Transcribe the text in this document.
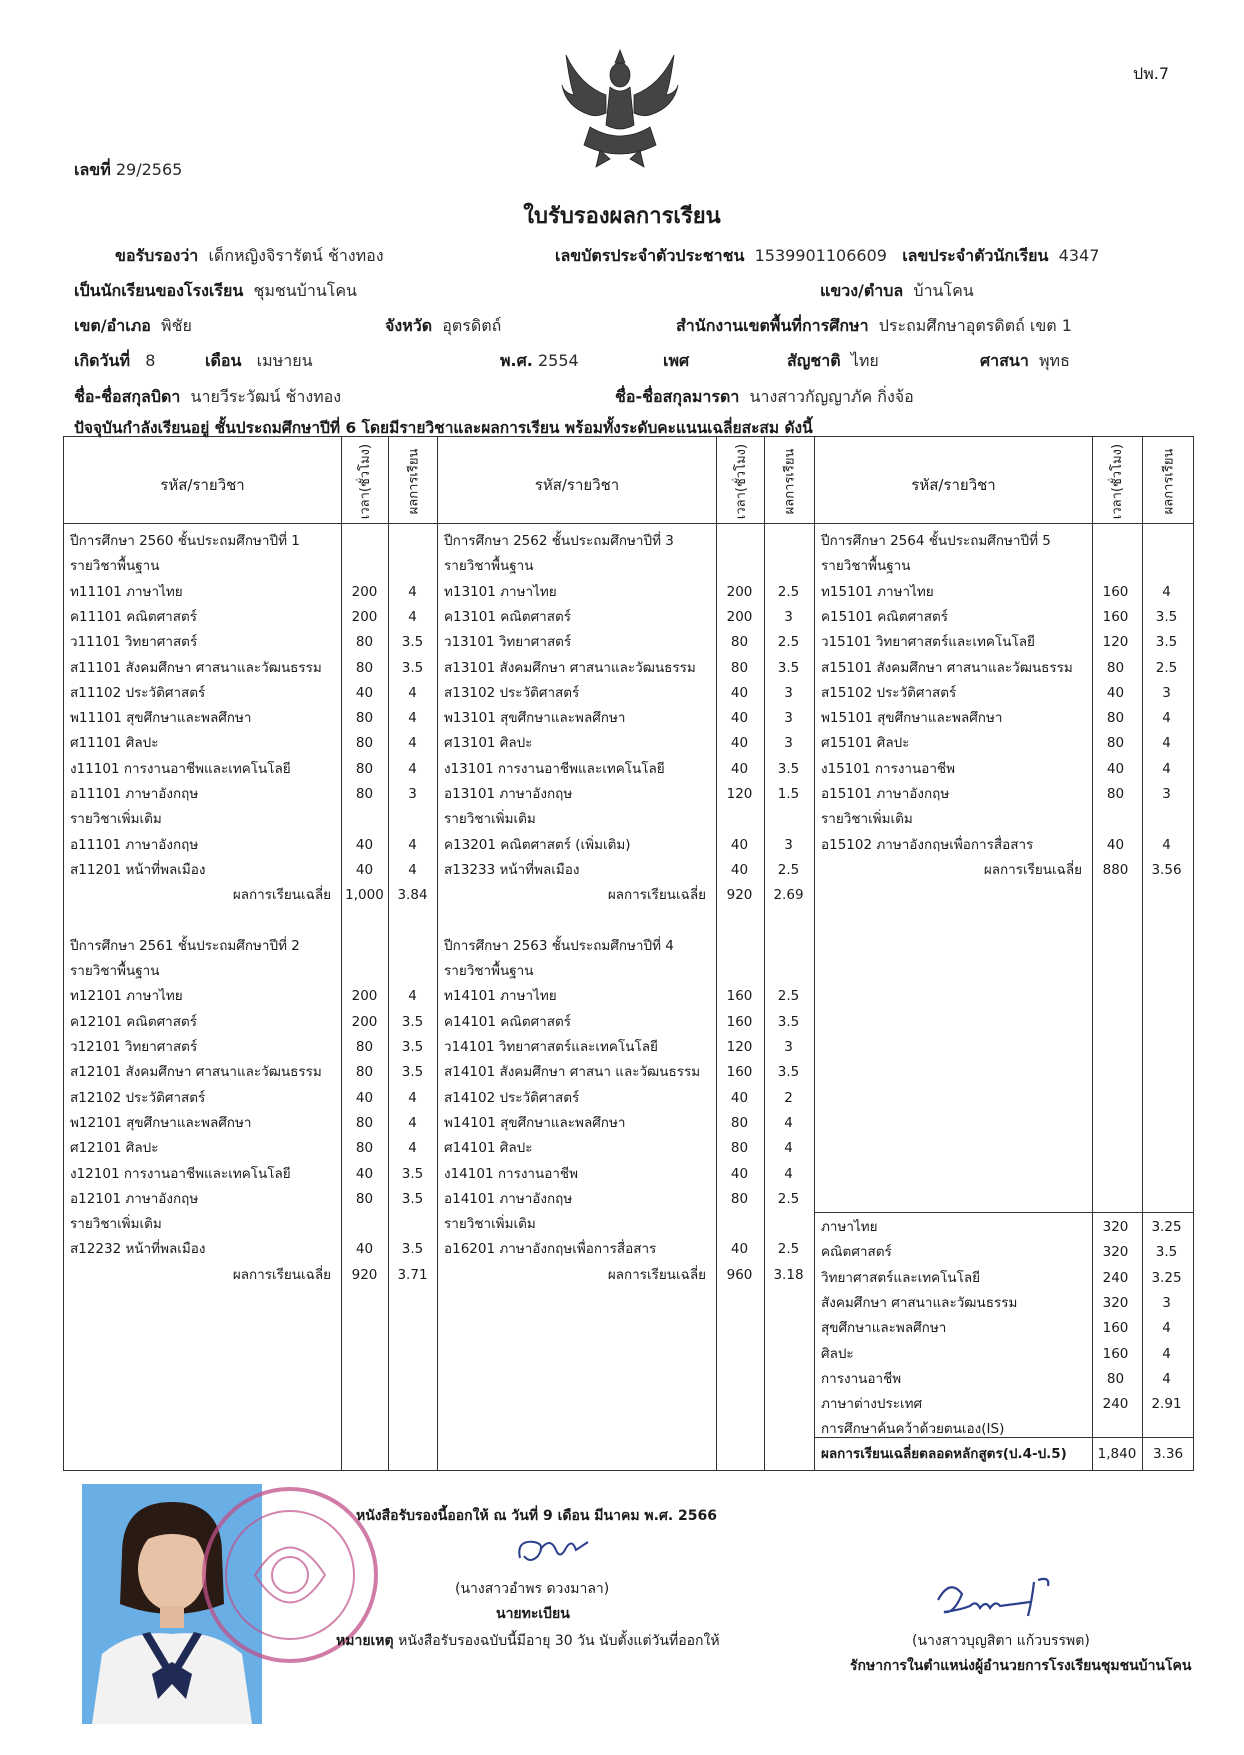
ปพ.7
เลขที่ 29/2565
ใบรับรองผลการเรียน
ขอรับรองว่า เด็กหญิงจิรารัตน์ ช้างทอง	เลขบัตรประจำตัวประชาชน 1539901106609 เลขประจำตัวนักเรียน 4347
เป็นนักเรียนของโรงเรียน ชุมชนบ้านโคน	แขวง/ตำบล บ้านโคน
เขต/อำเภอ พิชัย	จังหวัด อุตรดิตถ์	สำนักงานเขตพื้นที่การศึกษา ประถมศึกษาอุตรดิตถ์ เขต 1
เกิดวันที่ 8	เดือน เมษายน	พ.ศ. 2554	เพศ	สัญชาติ ไทย	ศาสนา พุทธ
ชื่อ-ชื่อสกุลบิดา นายวีระวัฒน์ ช้างทอง	ชื่อ-ชื่อสกุลมารดา นางสาวกัญญาภัค กิ่งจ้อ
ปัจจุบันกำลังเรียนอยู่ ชั้นประถมศึกษาปีที่ 6 โดยมีรายวิชาและผลการเรียน พร้อมทั้งระดับคะแนนเฉลี่ยสะสม ดังนี้
รหัส/รายวิชา	เวลา(ชั่วโมง)	ผลการเรียน	รหัส/รายวิชา	เวลา(ชั่วโมง)	ผลการเรียน	รหัส/รายวิชา	เวลา(ชั่วโมง)	ผลการเรียน
ปีการศึกษา 2560 ชั้นประถมศึกษาปีที่ 1
รายวิชาพื้นฐาน
ท11101 ภาษาไทย	200	4
ค11101 คณิตศาสตร์	200	4
ว11101 วิทยาศาสตร์	80	3.5
ส11101 สังคมศึกษา ศาสนาและวัฒนธรรม	80	3.5
ส11102 ประวัติศาสตร์	40	4
พ11101 สุขศึกษาและพลศึกษา	80	4
ศ11101 ศิลปะ	80	4
ง11101 การงานอาชีพและเทคโนโลยี	80	4
อ11101 ภาษาอังกฤษ	80	3
รายวิชาเพิ่มเติม
อ11101 ภาษาอังกฤษ	40	4
ส11201 หน้าที่พลเมือง	40	4
ผลการเรียนเฉลี่ย	1,000	3.84
ปีการศึกษา 2561 ชั้นประถมศึกษาปีที่ 2
รายวิชาพื้นฐาน
ท12101 ภาษาไทย	200	4
ค12101 คณิตศาสตร์	200	3.5
ว12101 วิทยาศาสตร์	80	3.5
ส12101 สังคมศึกษา ศาสนาและวัฒนธรรม	80	3.5
ส12102 ประวัติศาสตร์	40	4
พ12101 สุขศึกษาและพลศึกษา	80	4
ศ12101 ศิลปะ	80	4
ง12101 การงานอาชีพและเทคโนโลยี	40	3.5
อ12101 ภาษาอังกฤษ	80	3.5
รายวิชาเพิ่มเติม
ส12232 หน้าที่พลเมือง	40	3.5
ผลการเรียนเฉลี่ย	920	3.71
ปีการศึกษา 2562 ชั้นประถมศึกษาปีที่ 3
รายวิชาพื้นฐาน
ท13101 ภาษาไทย	200	2.5
ค13101 คณิตศาสตร์	200	3
ว13101 วิทยาศาสตร์	80	2.5
ส13101 สังคมศึกษา ศาสนาและวัฒนธรรม	80	3.5
ส13102 ประวัติศาสตร์	40	3
พ13101 สุขศึกษาและพลศึกษา	40	3
ศ13101 ศิลปะ	40	3
ง13101 การงานอาชีพและเทคโนโลยี	40	3.5
อ13101 ภาษาอังกฤษ	120	1.5
รายวิชาเพิ่มเติม
ค13201 คณิตศาสตร์ (เพิ่มเติม)	40	3
ส13233 หน้าที่พลเมือง	40	2.5
ผลการเรียนเฉลี่ย	920	2.69
ปีการศึกษา 2563 ชั้นประถมศึกษาปีที่ 4
รายวิชาพื้นฐาน
ท14101 ภาษาไทย	160	2.5
ค14101 คณิตศาสตร์	160	3.5
ว14101 วิทยาศาสตร์และเทคโนโลยี	120	3
ส14101 สังคมศึกษา ศาสนา และวัฒนธรรม	160	3.5
ส14102 ประวัติศาสตร์	40	2
พ14101 สุขศึกษาและพลศึกษา	80	4
ศ14101 ศิลปะ	80	4
ง14101 การงานอาชีพ	40	4
อ14101 ภาษาอังกฤษ	80	2.5
รายวิชาเพิ่มเติม
อ16201 ภาษาอังกฤษเพื่อการสื่อสาร	40	2.5
ผลการเรียนเฉลี่ย	960	3.18
ปีการศึกษา 2564 ชั้นประถมศึกษาปีที่ 5
รายวิชาพื้นฐาน
ท15101 ภาษาไทย	160	4
ค15101 คณิตศาสตร์	160	3.5
ว15101 วิทยาศาสตร์และเทคโนโลยี	120	3.5
ส15101 สังคมศึกษา ศาสนาและวัฒนธรรม	80	2.5
ส15102 ประวัติศาสตร์	40	3
พ15101 สุขศึกษาและพลศึกษา	80	4
ศ15101 ศิลปะ	80	4
ง15101 การงานอาชีพ	40	4
อ15101 ภาษาอังกฤษ	80	3
รายวิชาเพิ่มเติม
อ15102 ภาษาอังกฤษเพื่อการสื่อสาร	40	4
ผลการเรียนเฉลี่ย	880	3.56
ภาษาไทย	320	3.25
คณิตศาสตร์	320	3.5
วิทยาศาสตร์และเทคโนโลยี	240	3.25
สังคมศึกษา ศาสนาและวัฒนธรรม	320	3
สุขศึกษาและพลศึกษา	160	4
ศิลปะ	160	4
การงานอาชีพ	80	4
ภาษาต่างประเทศ	240	2.91
การศึกษาค้นคว้าด้วยตนเอง(IS)
ผลการเรียนเฉลี่ยตลอดหลักสูตร(ป.4-ป.5)	1,840	3.36
หนังสือรับรองนี้ออกให้ ณ วันที่ 9 เดือน มีนาคม พ.ศ. 2566
(นางสาวอำพร ดวงมาลา)
นายทะเบียน
หมายเหตุ หนังสือรับรองฉบับนี้มีอายุ 30 วัน นับตั้งแต่วันที่ออกให้	(นางสาวบุญสิตา แก้วบรรพต)
รักษาการในตำแหน่งผู้อำนวยการโรงเรียนชุมชนบ้านโคน
